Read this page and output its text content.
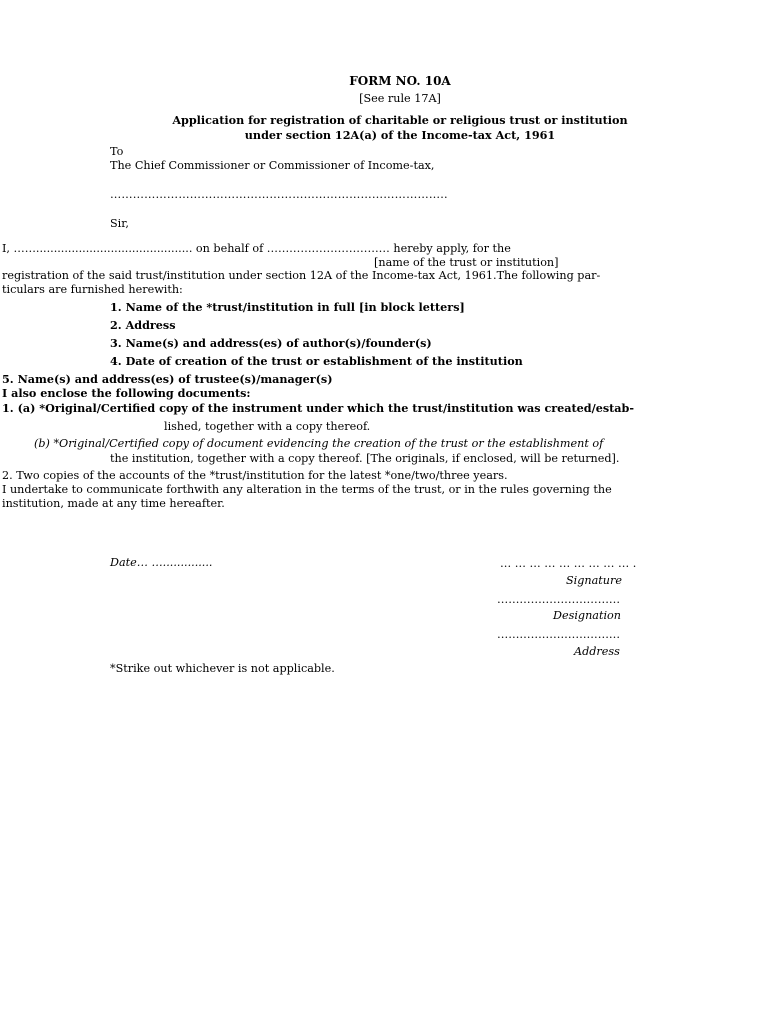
FORM NO. 10A
[See rule 17A]
Application for registration of charitable or religious trust or institution
under section 12A(a) of the Income-tax Act, 1961
To
The Chief Commissioner or Commissioner of Income-tax,
……………………………………………………………………………..
Sir,
I, ……............................................ on behalf of …………………………… hereby apply, for the
[name of the trust or institution]
registration of the said trust/institution under section 12A of the Income-tax Act, 1961.The following par-
ticulars are furnished herewith:
1. Name of the *trust/institution in full [in block letters]
2. Address
3. Name(s) and address(es) of author(s)/founder(s)
4. Date of creation of the trust or establishment of the institution
5. Name(s) and address(es) of trustee(s)/manager(s)
I also enclose the following documents:
1. (a) *Original/Certified copy of the instrument under which the trust/institution was created/estab-
lished, together with a copy thereof.
(b) *Original/Certified copy of document evidencing the creation of the trust or the establishment of
the institution, together with a copy thereof. [The originals, if enclosed, will be returned].
2. Two copies of the accounts of the *trust/institution for the latest *one/two/three years.
I undertake to communicate forthwith any alteration in the terms of the trust, or in the rules governing the
institution, made at any time hereafter.
Date… …..............	… … … … … … … … … .
Signature
……………………………
Designation
……………………………
Address
*Strike out whichever is not applicable.
